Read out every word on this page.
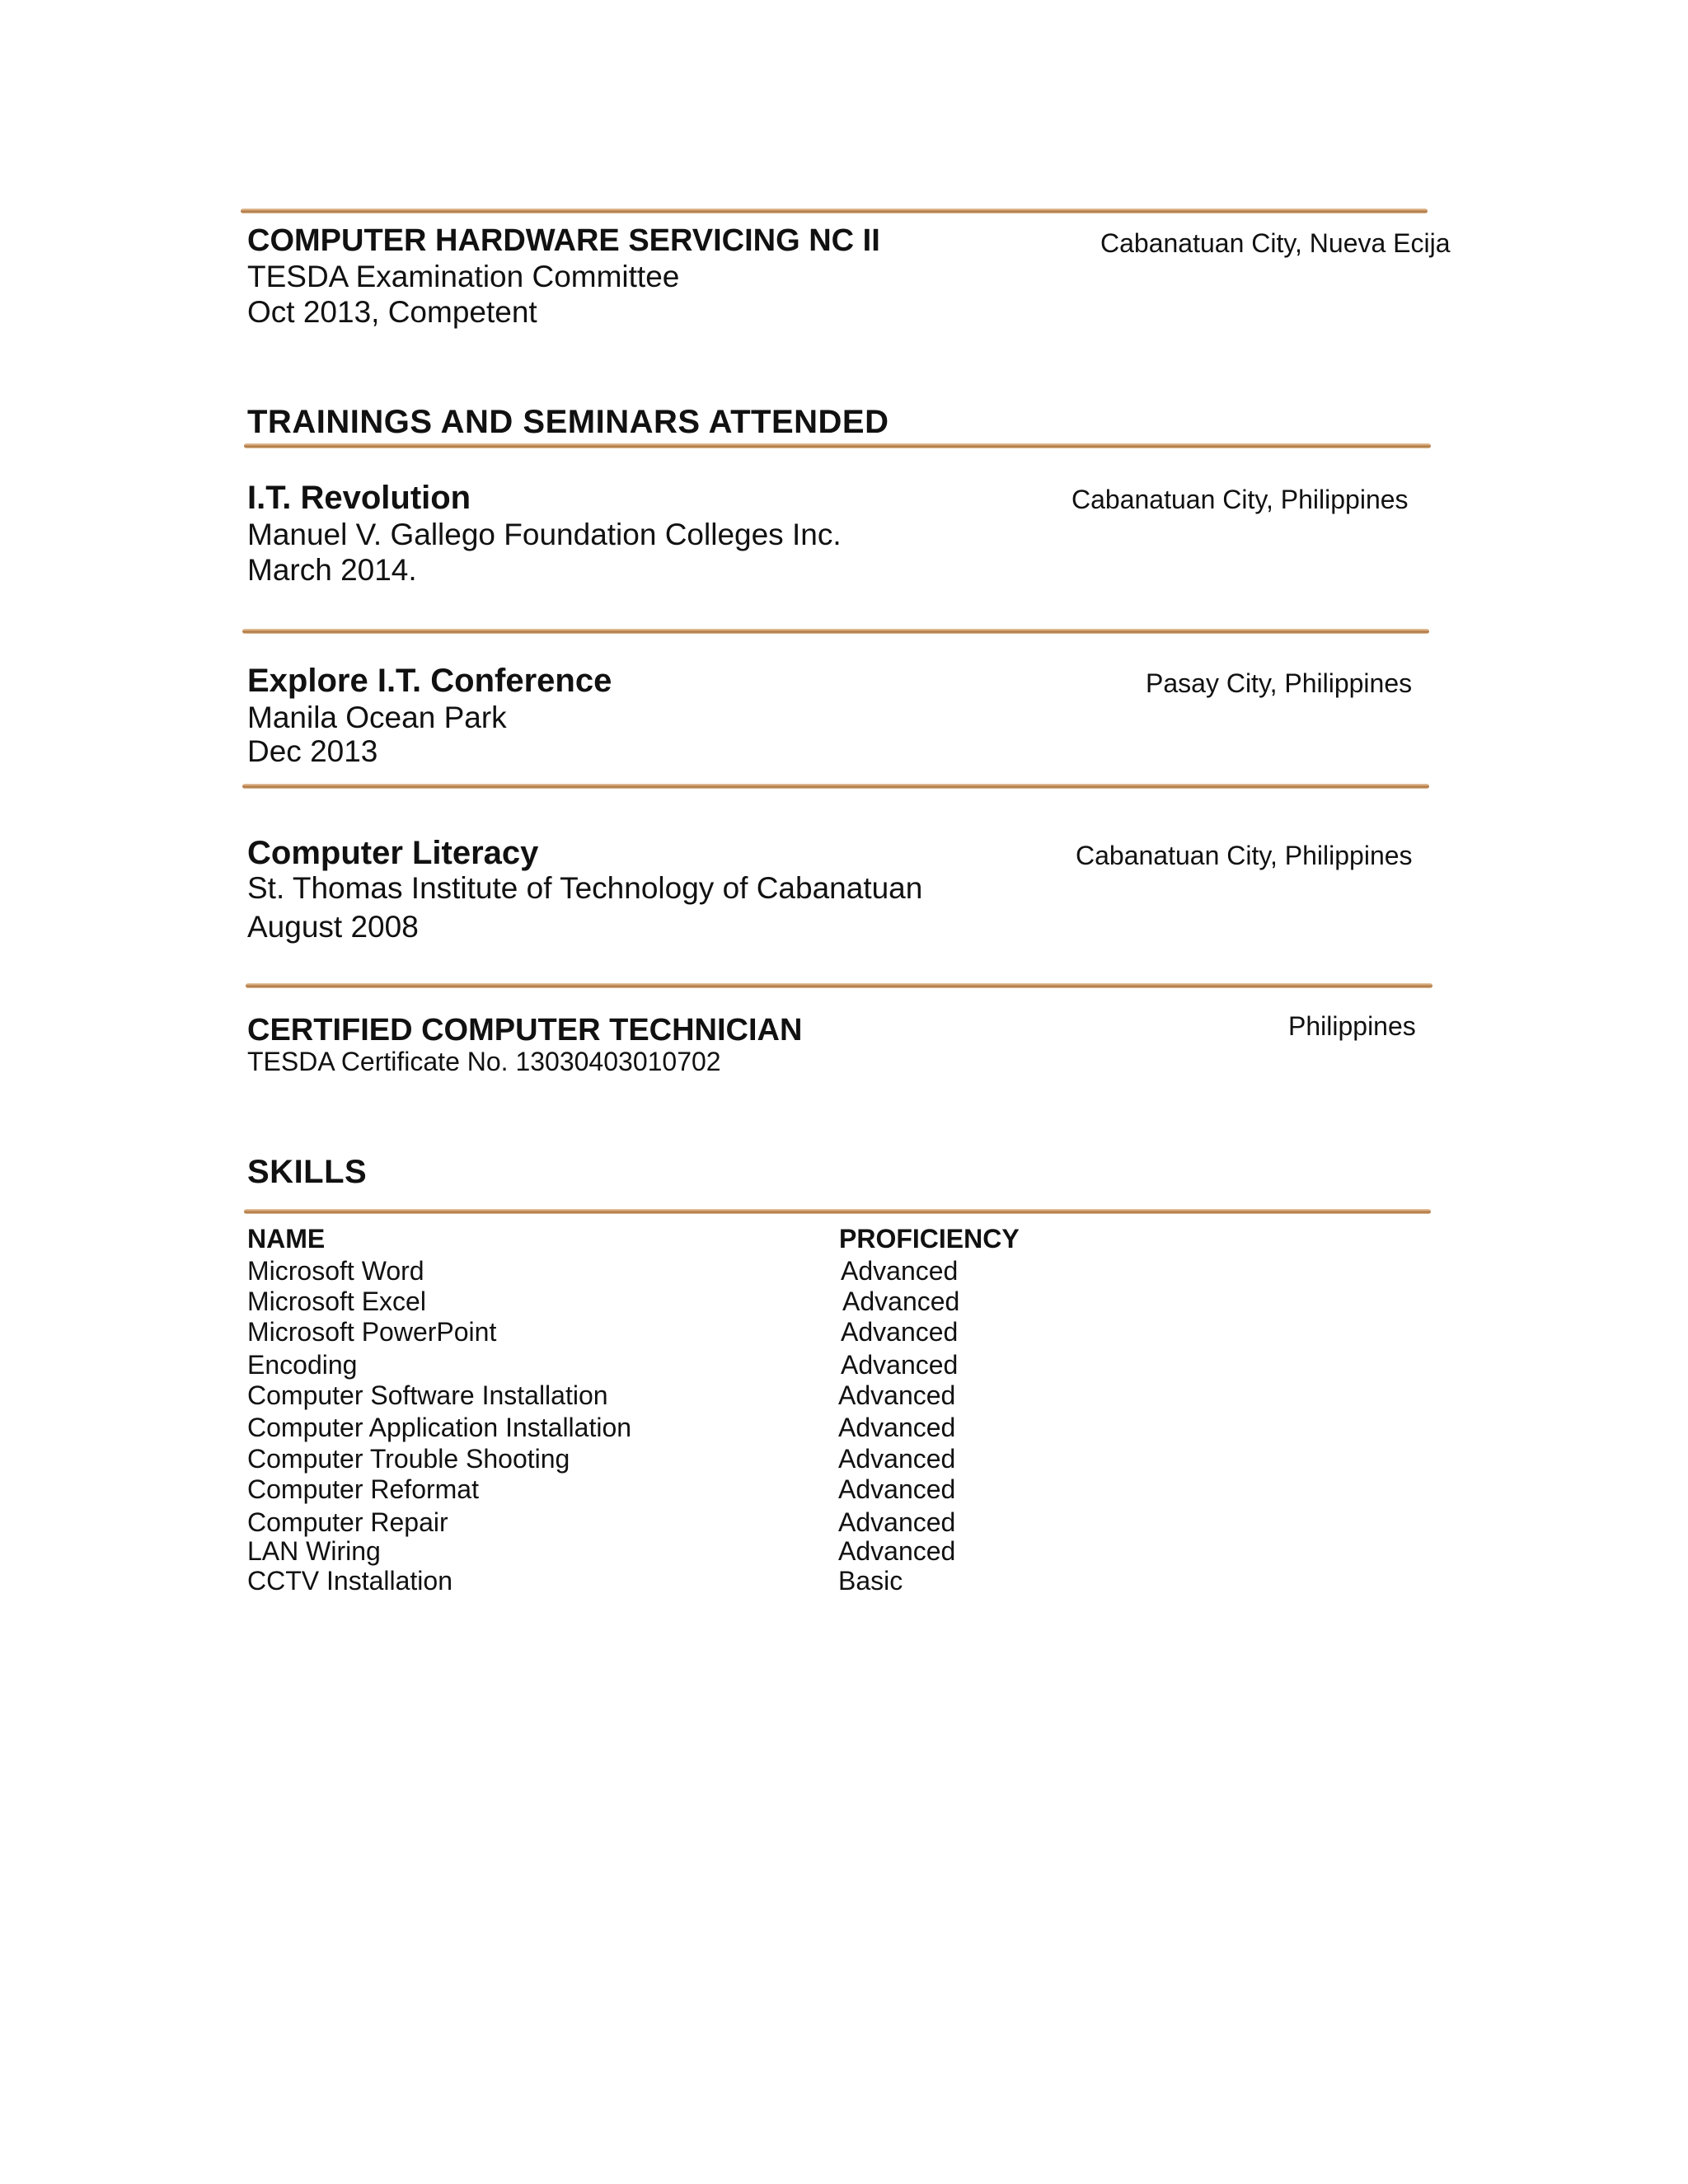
COMPUTER HARDWARE SERVICING NC II	Cabanatuan City, Nueva Ecija
TESDA Examination Committee
Oct 2013, Competent
TRAININGS AND SEMINARS ATTENDED
I.T. Revolution	Cabanatuan City, Philippines
Manuel V. Gallego Foundation Colleges Inc.
March 2014.
Explore I.T. Conference	Pasay City, Philippines
Manila Ocean Park
Dec 2013
Computer Literacy	Cabanatuan City, Philippines
St. Thomas Institute of Technology of Cabanatuan
August 2008
CERTIFIED COMPUTER TECHNICIAN	Philippines
TESDA Certificate No. 13030403010702
SKILLS
NAME	PROFICIENCY
Microsoft Word	Advanced
Microsoft Excel	Advanced
Microsoft PowerPoint	Advanced
Encoding	Advanced
Computer Software Installation	Advanced
Computer Application Installation	Advanced
Computer Trouble Shooting	Advanced
Computer Reformat	Advanced
Computer Repair	Advanced
LAN Wiring	Advanced
CCTV Installation	Basic
